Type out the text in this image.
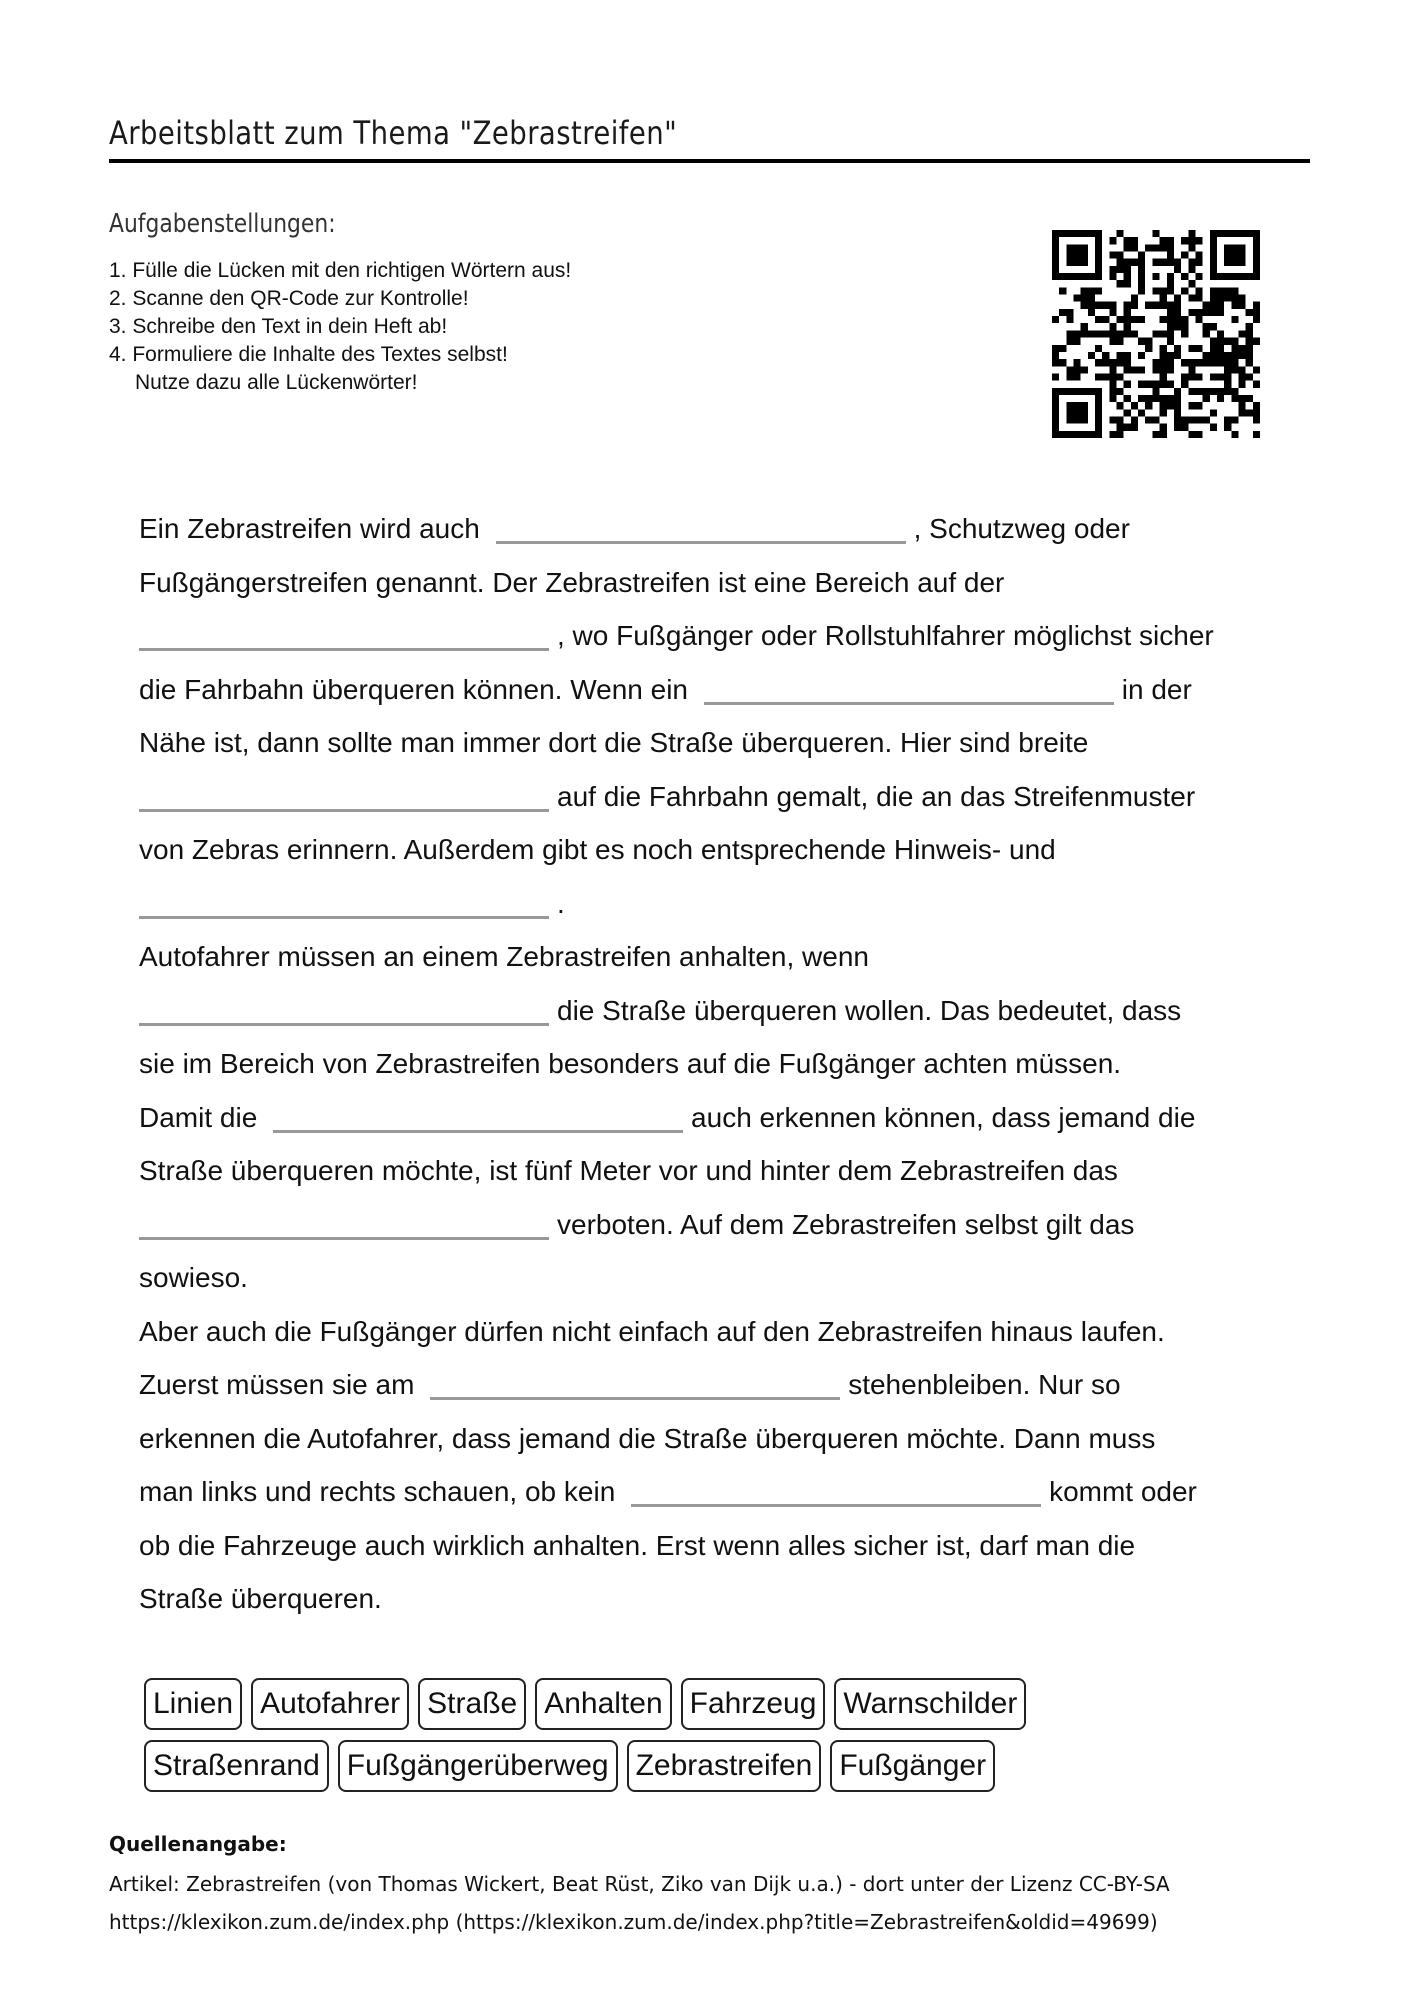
Arbeitsblatt zum Thema "Zebrastreifen"
Aufgabenstellungen:
1. Fülle die Lücken mit den richtigen Wörtern aus!
2. Scanne den QR-Code zur Kontrolle!
3. Schreibe den Text in dein Heft ab!
4. Formuliere die Inhalte des Textes selbst!
Nutze dazu alle Lückenwörter!
Ein Zebrastreifen wird auch	, Schutzweg oder
Fußgängerstreifen genannt. Der Zebrastreifen ist eine Bereich auf der
, wo Fußgänger oder Rollstuhlfahrer möglichst sicher
die Fahrbahn überqueren können. Wenn ein	in der
Nähe ist, dann sollte man immer dort die Straße überqueren. Hier sind breite
auf die Fahrbahn gemalt, die an das Streifenmuster
von Zebras erinnern. Außerdem gibt es noch entsprechende Hinweis- und
.
Autofahrer müssen an einem Zebrastreifen anhalten, wenn
die Straße überqueren wollen. Das bedeutet, dass
sie im Bereich von Zebrastreifen besonders auf die Fußgänger achten müssen.
Damit die	auch erkennen können, dass jemand die
Straße überqueren möchte, ist fünf Meter vor und hinter dem Zebrastreifen das
verboten. Auf dem Zebrastreifen selbst gilt das
sowieso.
Aber auch die Fußgänger dürfen nicht einfach auf den Zebrastreifen hinaus laufen.
Zuerst müssen sie am	stehenbleiben. Nur so
erkennen die Autofahrer, dass jemand die Straße überqueren möchte. Dann muss
man links und rechts schauen, ob kein	kommt oder
ob die Fahrzeuge auch wirklich anhalten. Erst wenn alles sicher ist, darf man die
Straße überqueren.
Linien Autofahrer Straße Anhalten Fahrzeug Warnschilder
Straßenrand Fußgängerüberweg Zebrastreifen Fußgänger
Quellenangabe:
Artikel: Zebrastreifen (von Thomas Wickert, Beat Rüst, Ziko van Dijk u.a.) - dort unter der Lizenz CC-BY-SA
https://klexikon.zum.de/index.php (https://klexikon.zum.de/index.php?title=Zebrastreifen&oldid=49699)
